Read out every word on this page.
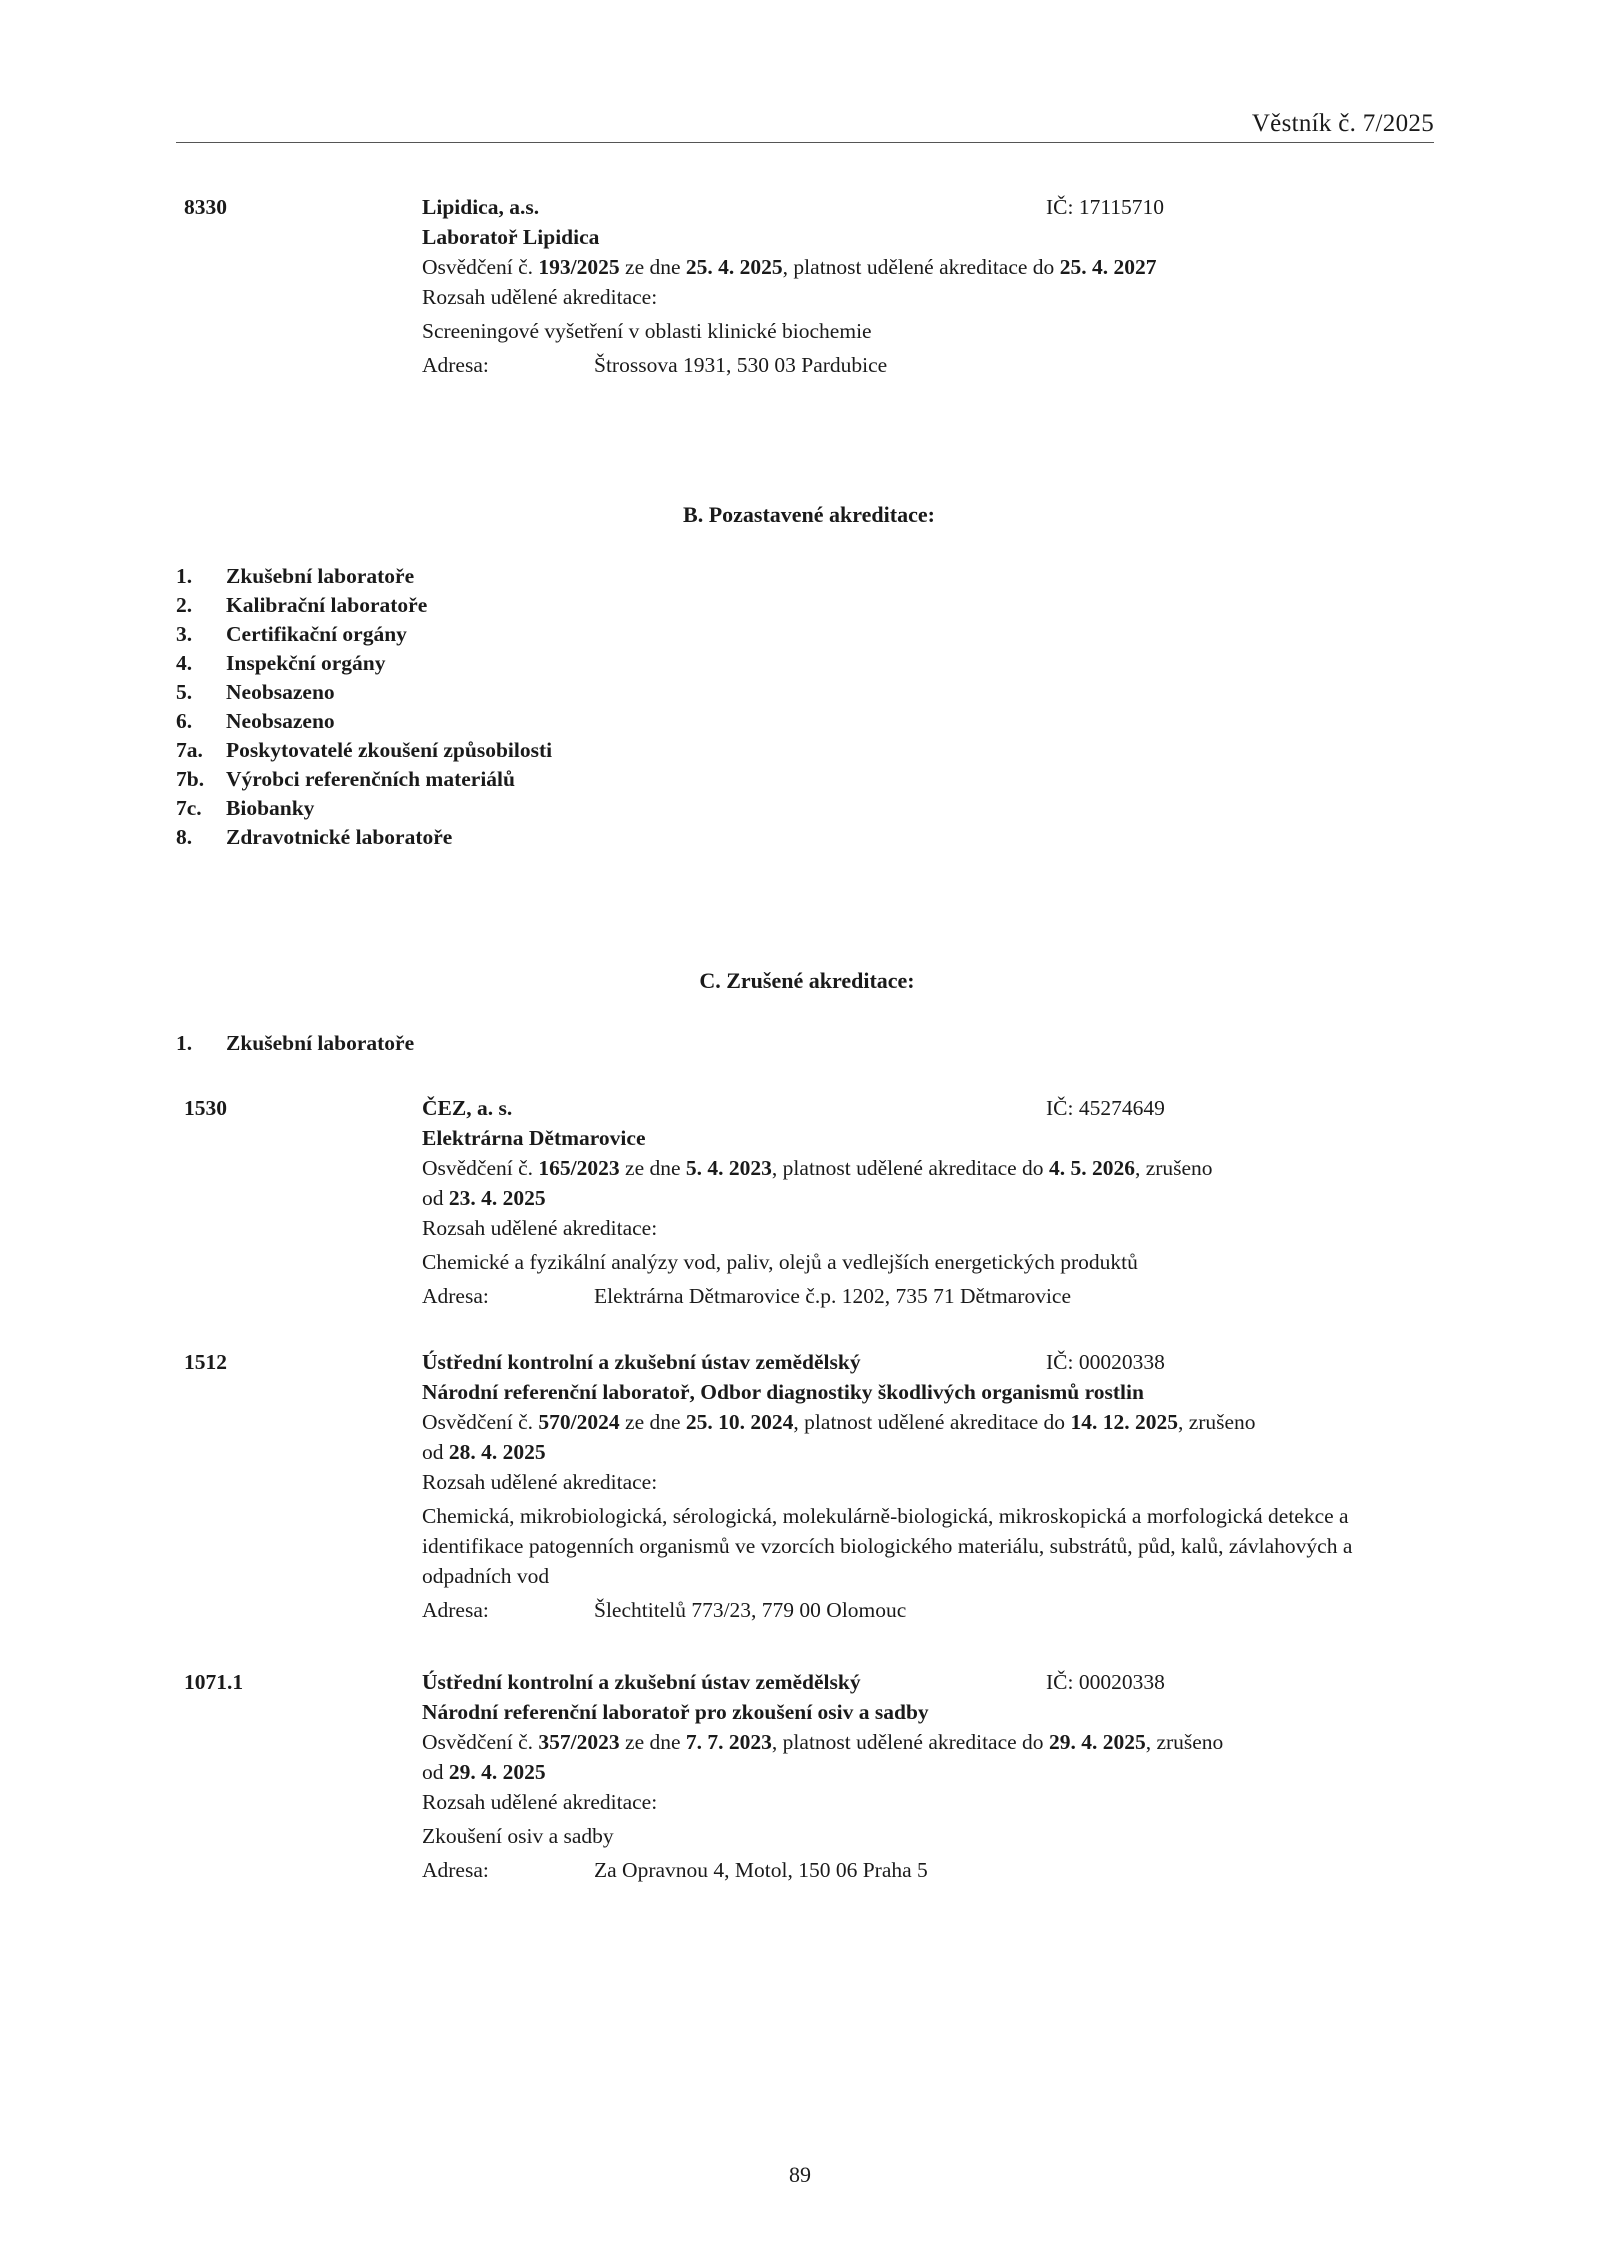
Věstník č. 7/2025
8330	Lipidica, a.s.	IČ: 17115710
Laboratoř Lipidica
Osvědčení č. 193/2025 ze dne 25. 4. 2025, platnost udělené akreditace do 25. 4. 2027
Rozsah udělené akreditace:
Screeningové vyšetření v oblasti klinické biochemie
Adresa:	Štrossova 1931, 530 03 Pardubice
B. Pozastavené akreditace:
1. Zkušební laboratoře
2. Kalibrační laboratoře
3. Certifikační orgány
4. Inspekční orgány
5. Neobsazeno
6. Neobsazeno
7a. Poskytovatelé zkoušení způsobilosti
7b. Výrobci referenčních materiálů
7c. Biobanky
8. Zdravotnické laboratoře
C. Zrušené akreditace:
1. Zkušební laboratoře
1530	ČEZ, a. s.	IČ: 45274649
Elektrárna Dětmarovice
Osvědčení č. 165/2023 ze dne 5. 4. 2023, platnost udělené akreditace do 4. 5. 2026, zrušeno
od 23. 4. 2025
Rozsah udělené akreditace:
Chemické a fyzikální analýzy vod, paliv, olejů a vedlejších energetických produktů
Adresa:	Elektrárna Dětmarovice č.p. 1202, 735 71 Dětmarovice
1512	Ústřední kontrolní a zkušební ústav zemědělský	IČ: 00020338
Národní referenční laboratoř, Odbor diagnostiky škodlivých organismů rostlin
Osvědčení č. 570/2024 ze dne 25. 10. 2024, platnost udělené akreditace do 14. 12. 2025, zrušeno
od 28. 4. 2025
Rozsah udělené akreditace:
Chemická, mikrobiologická, sérologická, molekulárně-biologická, mikroskopická a morfologická detekce a identifikace patogenních organismů ve vzorcích biologického materiálu, substrátů, půd, kalů, závlahových a odpadních vod
Adresa:	Šlechtitelů 773/23, 779 00 Olomouc
1071.1	Ústřední kontrolní a zkušební ústav zemědělský	IČ: 00020338
Národní referenční laboratoř pro zkoušení osiv a sadby
Osvědčení č. 357/2023 ze dne 7. 7. 2023, platnost udělené akreditace do 29. 4. 2025, zrušeno
od 29. 4. 2025
Rozsah udělené akreditace:
Zkoušení osiv a sadby
Adresa:	Za Opravnou 4, Motol, 150 06 Praha 5
89
